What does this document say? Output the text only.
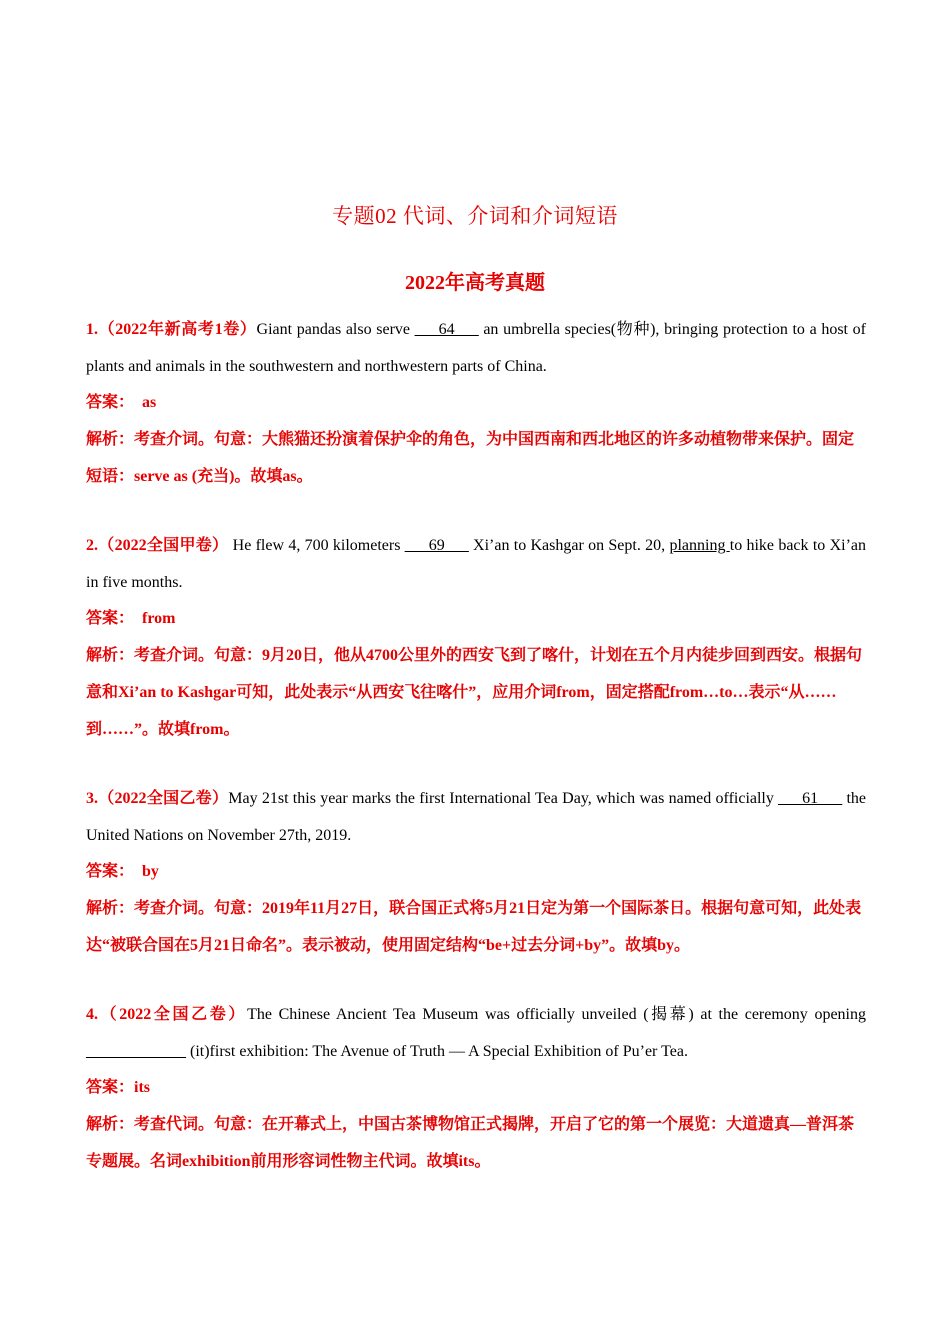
专题02 代词、介词和介词短语
2022年高考真题
1.（2022年新高考1卷）Giant pandas also serve ___64___ an umbrella species(物种), bringing protection to a host of plants and animals in the southwestern and northwestern parts of China.
答案： as
解析：考查介词。句意：大熊猫还扮演着保护伞的角色，为中国西南和西北地区的许多动植物带来保护。固定短语：serve as (充当)。故填as。
2.（2022全国甲卷） He flew 4, 700 kilometers ___69___ Xi’an to Kashgar on Sept. 20, planning to hike back to Xi’an in five months.
答案： from
解析：考查介词。句意：9月20日，他从4700公里外的西安飞到了喀什，计划在五个月内徒步回到西安。根据句意和Xi’an to Kashgar可知，此处表示“从西安飞往喀什”，应用介词from，固定搭配from…to…表示“从……到……”。故填from。
3.（2022全国乙卷）May 21st this year marks the first International Tea Day, which was named officially ___61___ the United Nations on November 27th, 2019.
答案： by
解析：考查介词。句意：2019年11月27日，联合国正式将5月21日定为第一个国际茶日。根据句意可知，此处表达“被联合国在5月21日命名”。表示被动，使用固定结构“be+过去分词+by”。故填by。
4.（2022全国乙卷）The Chinese Ancient Tea Museum was officially unveiled (揭幕) at the ceremony opening ______ ______ (it)first exhibition: The Avenue of Truth — A Special Exhibition of Pu’er Tea.
答案：its
解析：考查代词。句意：在开幕式上，中国古茶博物馆正式揭牌，开启了它的第一个展览：大道遗真—普洱茶专题展。名词exhibition前用形容词性物主代词。故填its。
